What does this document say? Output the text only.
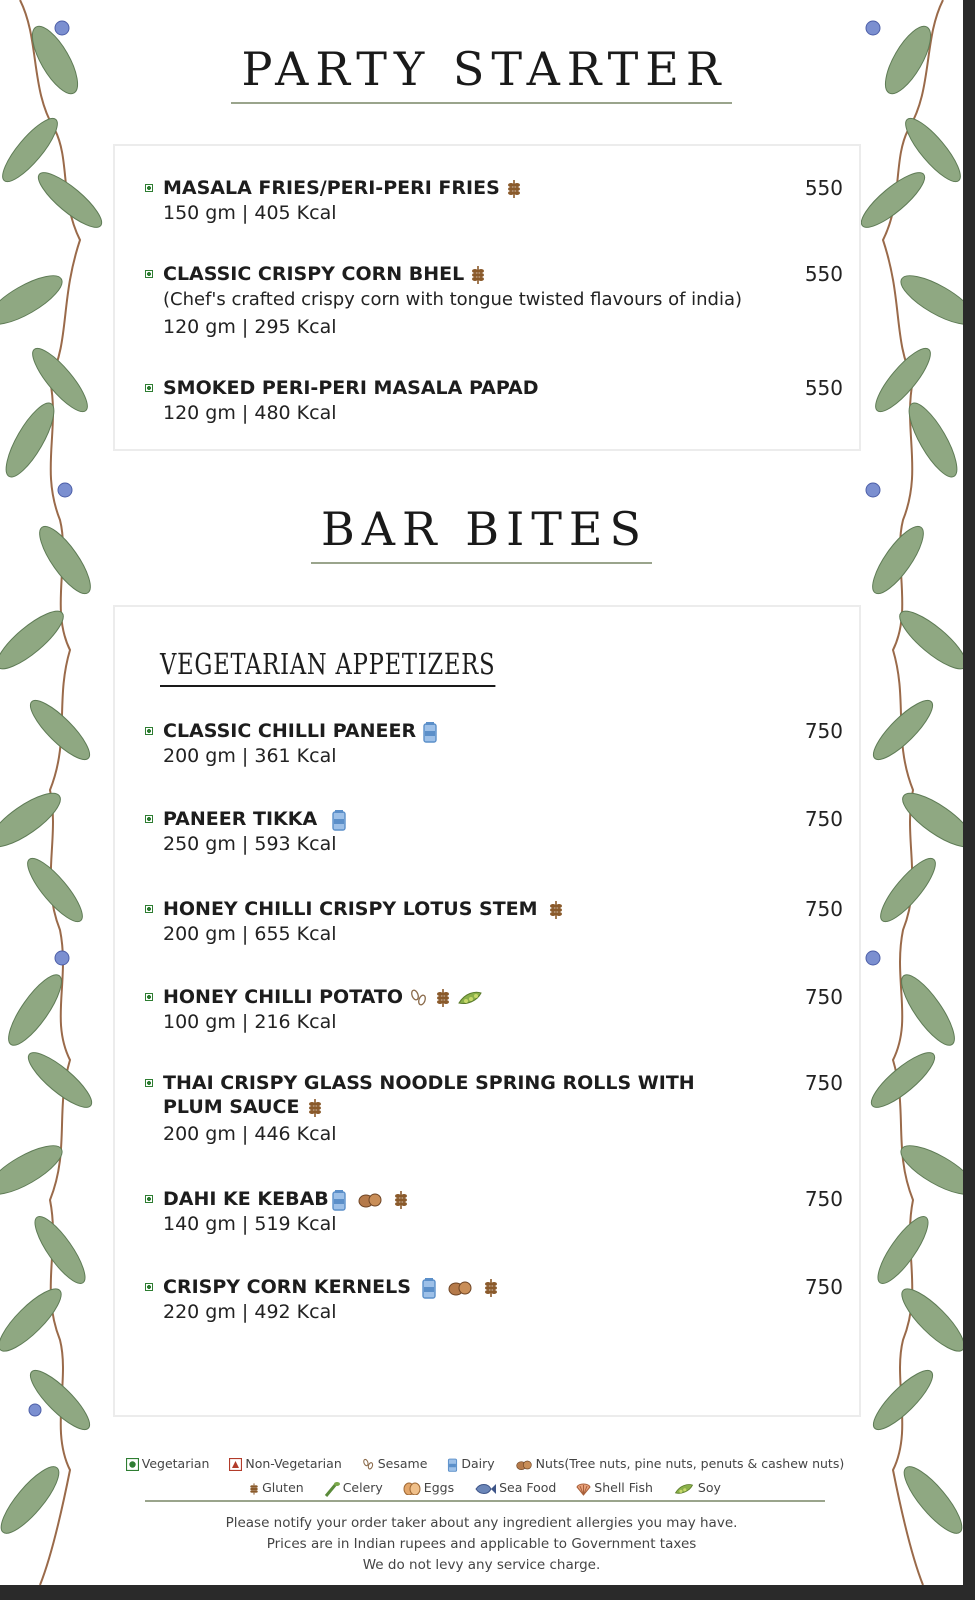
PARTY STARTER
MASALA FRIES/PERI-PERI FRIES
150 gm | 405 Kcal
550
CLASSIC CRISPY CORN BHEL
(Chef's crafted crispy corn with tongue twisted flavours of india)
120 gm | 295 Kcal
550
SMOKED PERI-PERI MASALA PAPAD
120 gm | 480 Kcal
550
BAR BITES
VEGETARIAN APPETIZERS
CLASSIC CHILLI PANEER
200 gm | 361 Kcal
750
PANEER TIKKA
250 gm | 593 Kcal
750
HONEY CHILLI CRISPY LOTUS STEM
200 gm | 655 Kcal
750
HONEY CHILLI POTATO
100 gm | 216 Kcal
750
THAI CRISPY GLASS NOODLE SPRING ROLLS WITH
PLUM SAUCE
200 gm | 446 Kcal
750
DAHI KE KEBAB
140 gm | 519 Kcal
750
CRISPY CORN KERNELS
220 gm | 492 Kcal
750
Vegetarian	Non-Vegetarian	Sesame	Dairy	Nuts(Tree nuts, pine nuts, penuts & cashew nuts)
Gluten	Celery	Eggs	Sea Food	Shell Fish	Soy
Please notify your order taker about any ingredient allergies you may have.
Prices are in Indian rupees and applicable to Government taxes
We do not levy any service charge.
